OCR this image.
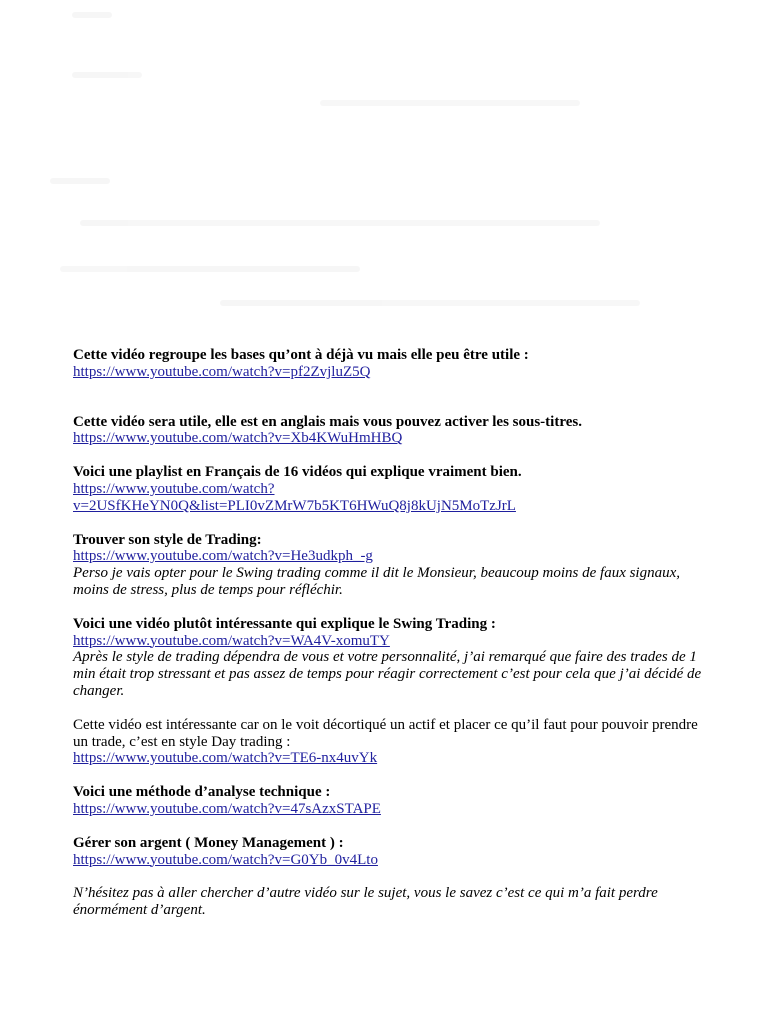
Cette vidéo regroupe les bases qu’ont à déjà vu mais elle peu être utile :

https://www.youtube.com/watch?v=pf2ZvjluZ5Q

Cette vidéo sera utile, elle est en anglais mais vous pouvez activer les sous-titres.

https://www.youtube.com/watch?v=Xb4KWuHmHBQ

Voici une playlist en Français de 16 vidéos qui explique vraiment bien.

https://www.youtube.com/watch?

v=2USfKHeYN0Q&list=PLI0vZMrW7b5KT6HWuQ8j8kUjN5MoTzJrL

Trouver son style de Trading:

https://www.youtube.com/watch?v=He3udkph_-g

Perso je vais opter pour le Swing trading comme il dit le Monsieur, beaucoup moins de faux signaux, moins de stress, plus de temps pour réfléchir.

Voici une vidéo plutôt intéressante qui explique le Swing Trading :

https://www.youtube.com/watch?v=WA4V-xomuTY

Après le style de trading dépendra de vous et votre personnalité, j’ai remarqué que faire des trades de 1 min était trop stressant et pas assez de temps pour réagir correctement c’est pour cela que j’ai décidé de changer.

Cette vidéo est intéressante car on le voit décortiqué un actif et placer ce qu’il faut pour pouvoir prendre un trade, c’est en style Day trading :

https://www.youtube.com/watch?v=TE6-nx4uvYk

Voici une méthode d’analyse technique :

https://www.youtube.com/watch?v=47sAzxSTAPE

Gérer son argent ( Money Management ) :

https://www.youtube.com/watch?v=G0Yb_0v4Lto

N’hésitez pas à aller chercher d’autre vidéo sur le sujet, vous le savez c’est ce qui m’a fait perdre énormément d’argent.
